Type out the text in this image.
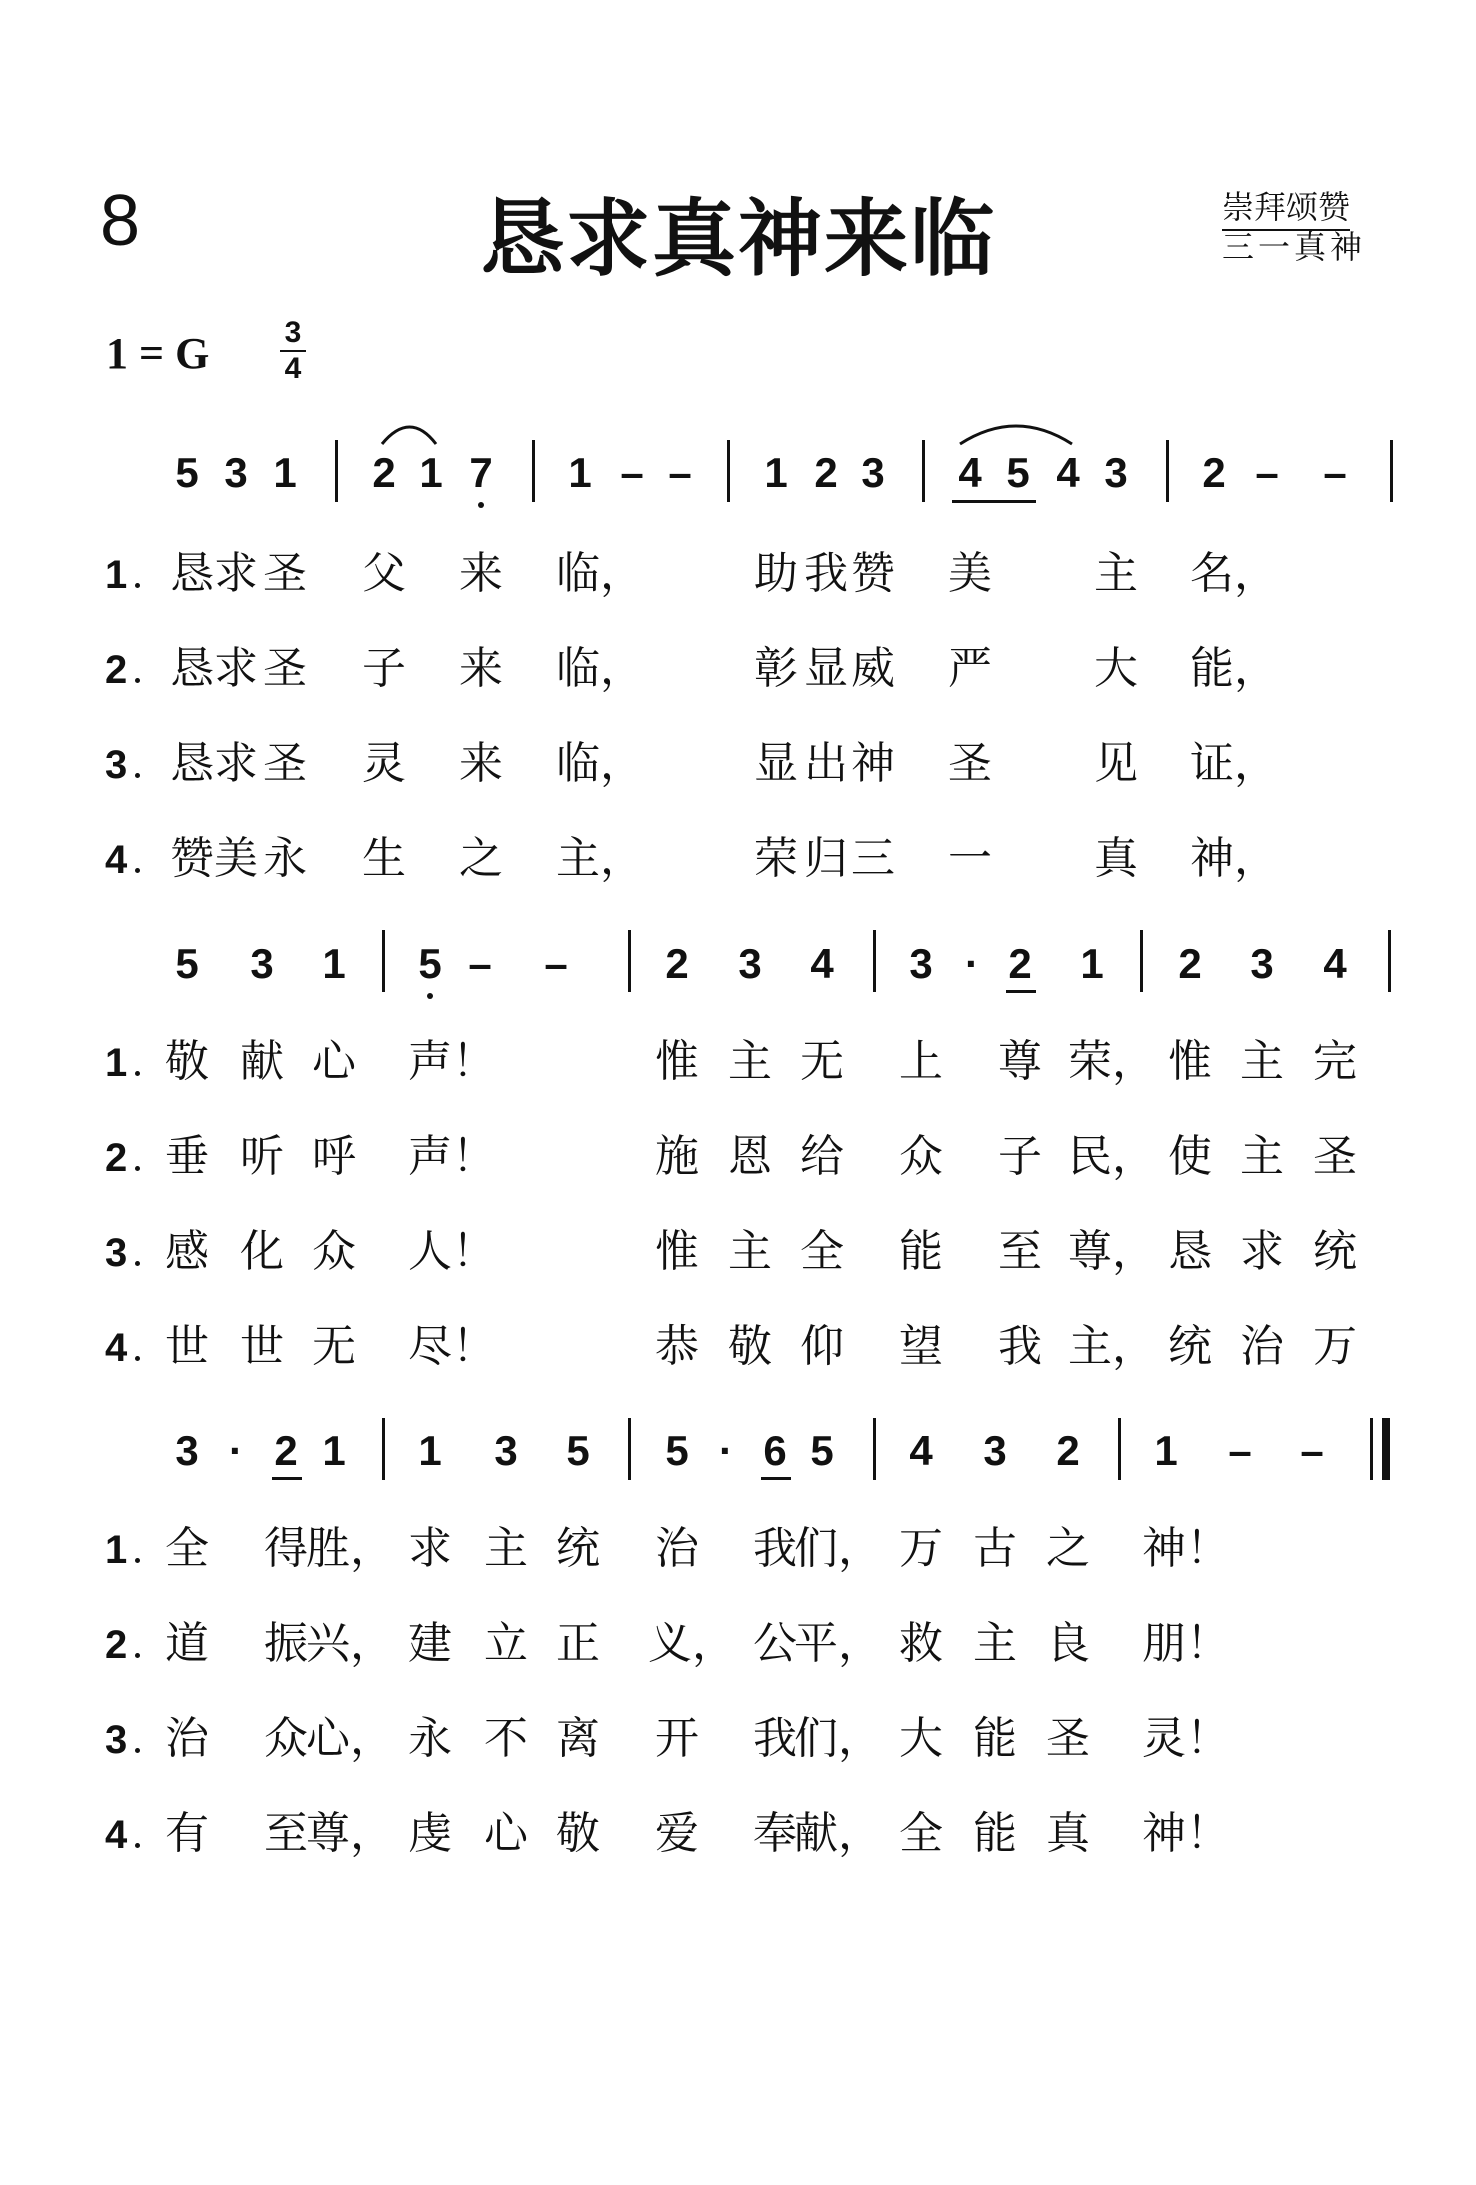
8	恳求真神来临	崇拜颂赞
三一真神
1 = G	3
4
5 3 1 2 1 7 1 – – 1 2 3 4 5 4 3 2 – –
1 恳 求 圣 父 来 临，	助 我 赞 美 主 名，
2 恳 求 圣 子 来 临，	彰 显 威 严 大 能，
3 恳 求 圣 灵 来 临，	显 出 神 圣 见 证，
4 赞 美 永 生 之 主，	荣 归 三 一 真 神，
5 3 1 5 – – 2 3 4 3 · 2 1 2 3 4
1 敬 献 心 声！	惟 主 无 上 尊 荣， 惟 主 完
2 垂 听 呼 声！	施 恩 给 众 子 民， 使 主 圣
3 感 化 众 人！	惟 主 全 能 至 尊， 恳 求 统
4 世 世 无 尽！	恭 敬 仰 望 我 主， 统 治 万
3 · 2 1 1 3 5 5 · 6 5 4 3 2 1 – –
1 全 得
胜， 求 主 统 治 我
们， 万 古 之 神！
2 道 振
兴， 建 立 正 义， 公
平， 救 主 良 朋！
3 治 众
心， 永 不 离 开 我
们， 大 能 圣 灵！
4 有 至
尊， 虔 心 敬 爱 奉
献， 全 能 真 神！
